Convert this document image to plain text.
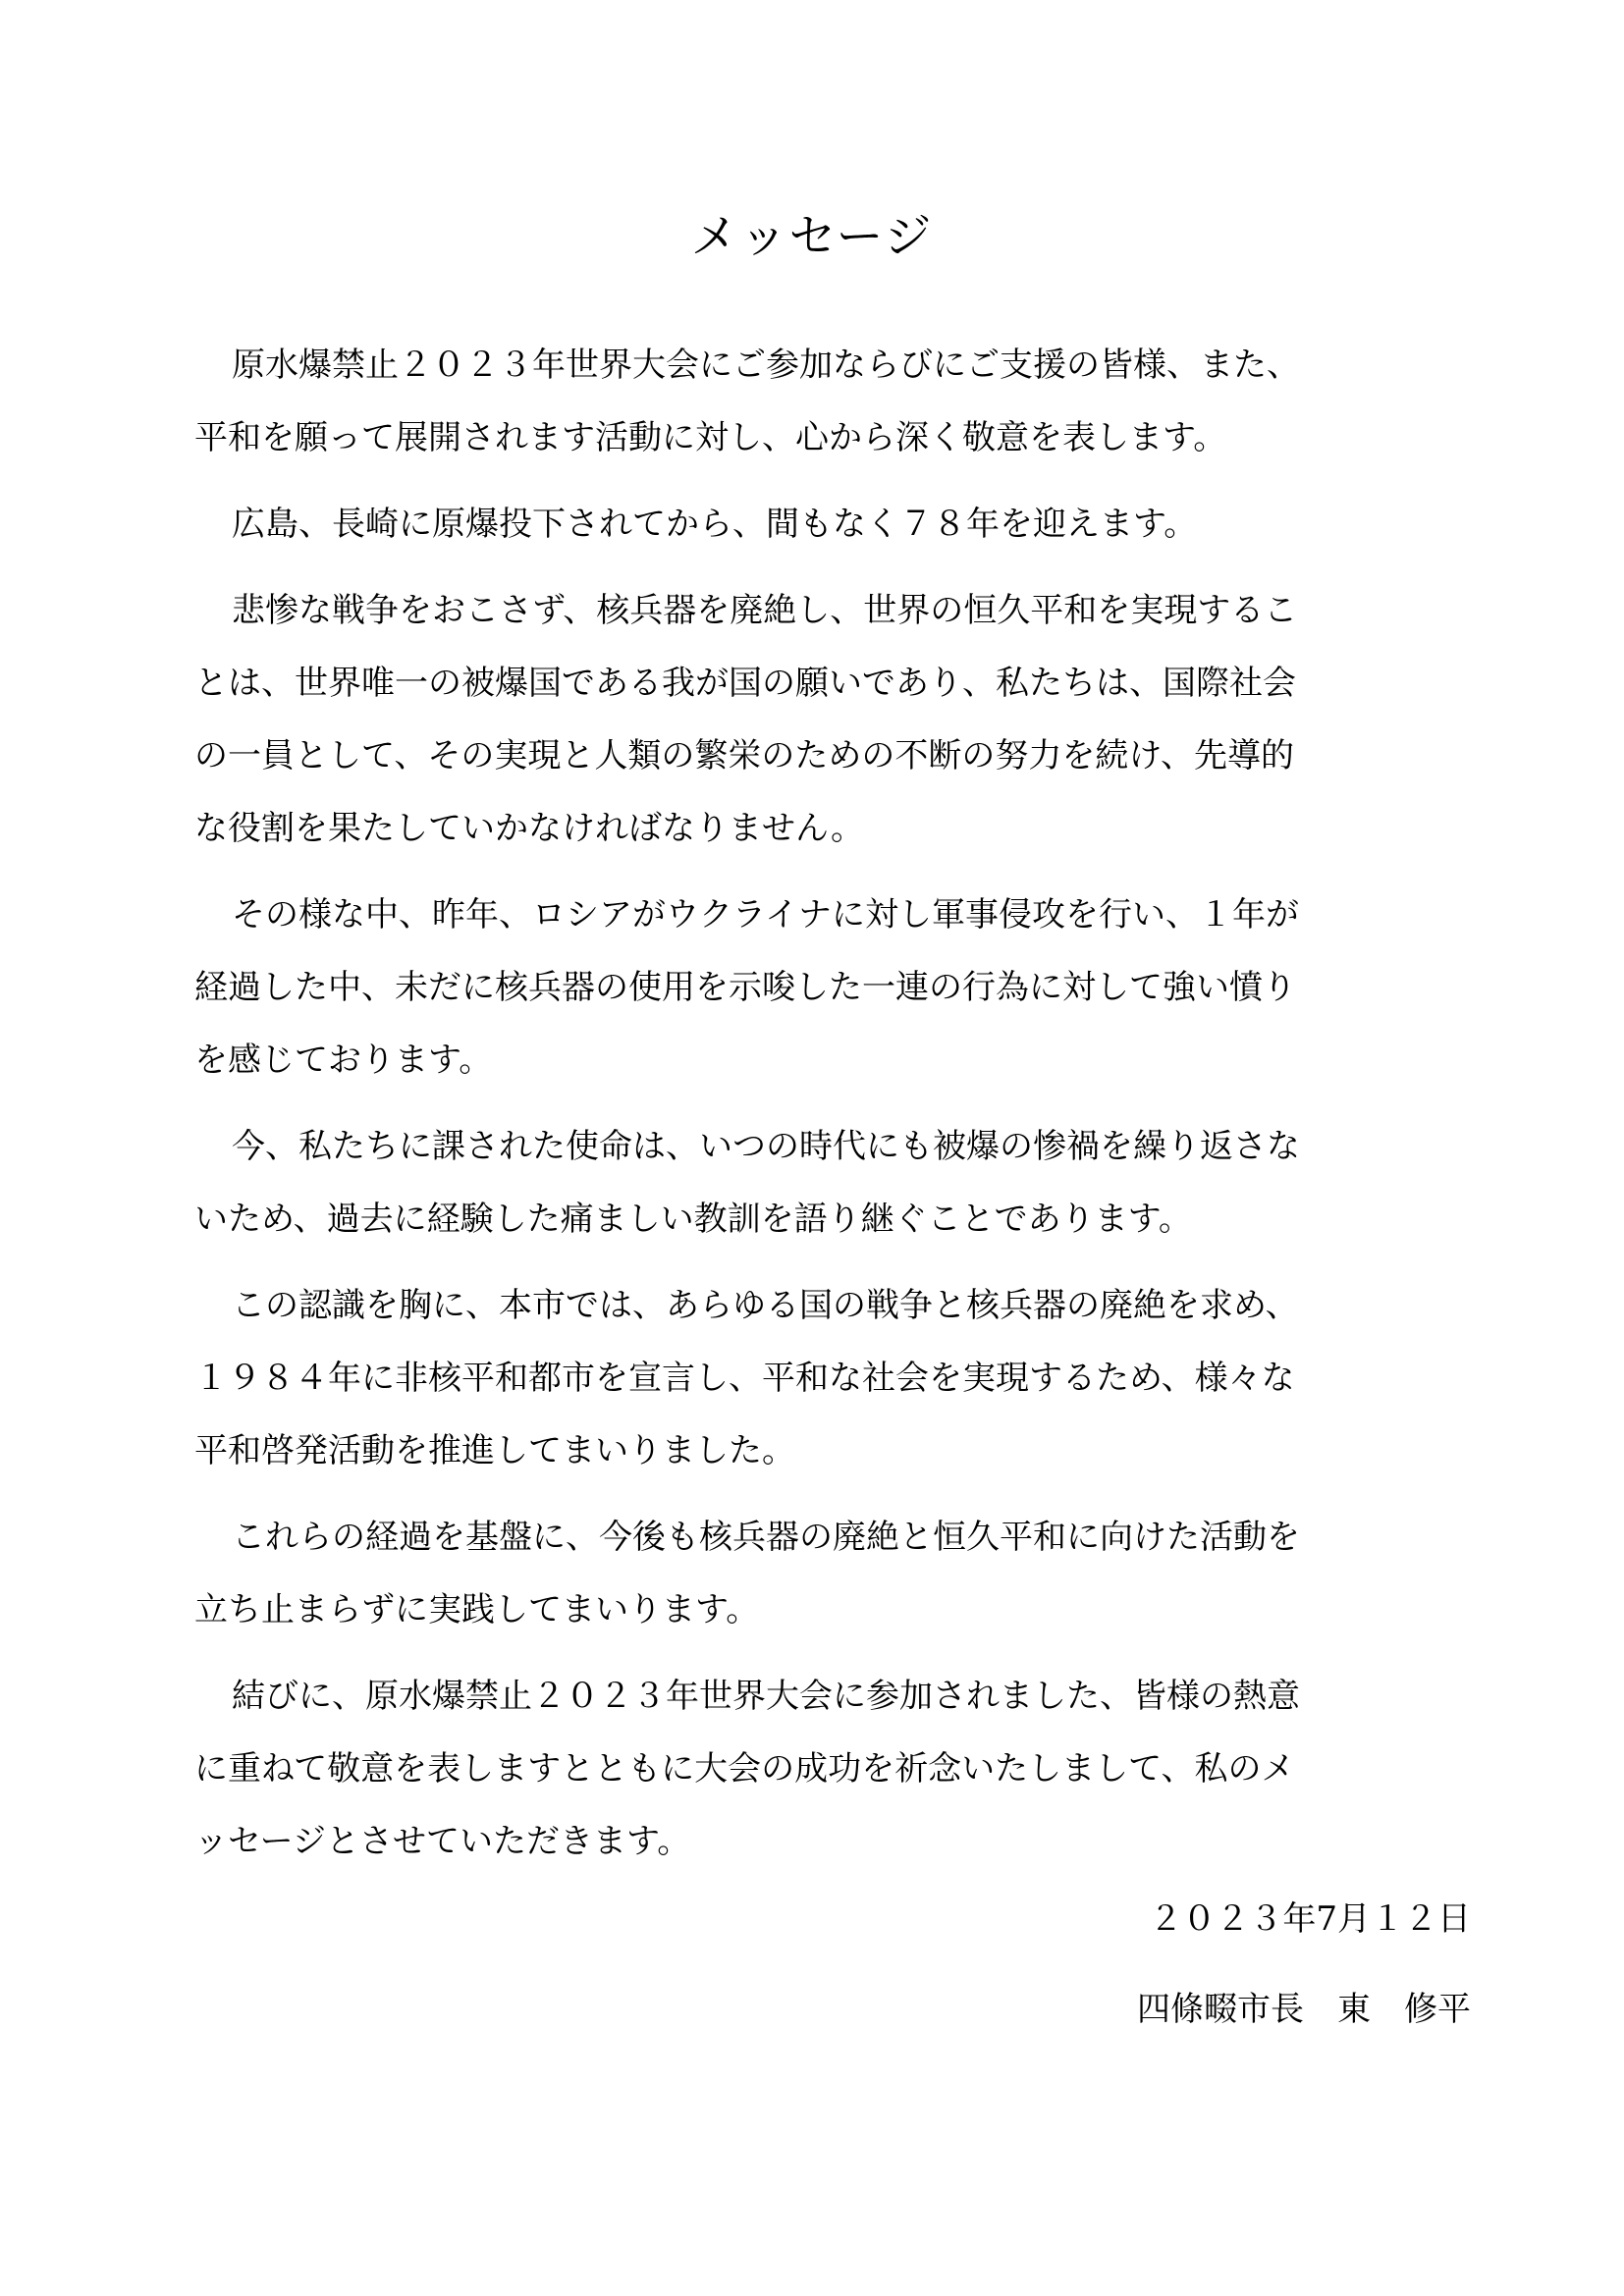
メッセージ

原水爆禁止２０２３年世界大会にご参加ならびにご支援の皆様、また、
平和を願って展開されます活動に対し、心から深く敬意を表します。

広島、長崎に原爆投下されてから、間もなく７８年を迎えます。

悲惨な戦争をおこさず、核兵器を廃絶し、世界の恒久平和を実現するこ
とは、世界唯一の被爆国である我が国の願いであり、私たちは、国際社会
の一員として、その実現と人類の繁栄のための不断の努力を続け、先導的
な役割を果たしていかなければなりません。

その様な中、昨年、ロシアがウクライナに対し軍事侵攻を行い、１年が
経過した中、未だに核兵器の使用を示唆した一連の行為に対して強い憤り
を感じております。

今、私たちに課された使命は、いつの時代にも被爆の惨禍を繰り返さな
いため、過去に経験した痛ましい教訓を語り継ぐことであります。

この認識を胸に、本市では、あらゆる国の戦争と核兵器の廃絶を求め、
１９８４年に非核平和都市を宣言し、平和な社会を実現するため、様々な
平和啓発活動を推進してまいりました。

これらの経過を基盤に、今後も核兵器の廃絶と恒久平和に向けた活動を
立ち止まらずに実践してまいります。

結びに、原水爆禁止２０２３年世界大会に参加されました、皆様の熱意
に重ねて敬意を表しますとともに大会の成功を祈念いたしまして、私のメ
ッセージとさせていただきます。

２０２３年7月１２日
四條畷市長　東　修平
